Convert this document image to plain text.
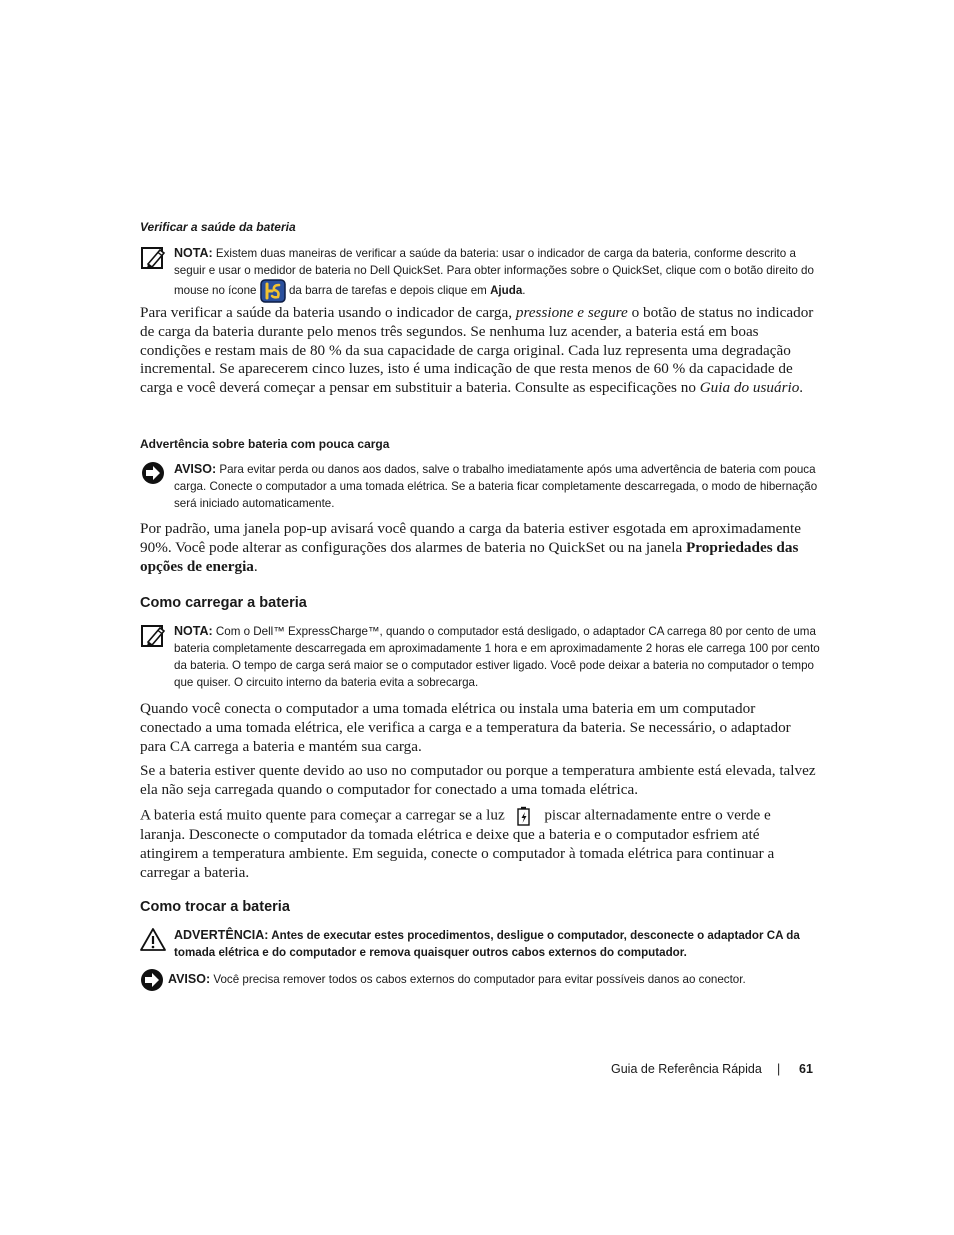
Verificar a saúde da bateria
NOTA: Existem duas maneiras de verificar a saúde da bateria: usar o indicador de carga da bateria, conforme descrito a seguir e usar o medidor de bateria no Dell QuickSet. Para obter informações sobre o QuickSet, clique com o botão direito do mouse no ícone	da barra de tarefas e depois clique em Ajuda.

Para verificar a saúde da bateria usando o indicador de carga, pressione e segure o botão de status no indicador de carga da bateria durante pelo menos três segundos. Se nenhuma luz acender, a bateria está em boas condições e restam mais de 80 % da sua capacidade de carga original. Cada luz representa uma degradação incremental. Se aparecerem cinco luzes, isto é uma indicação de que resta menos de 60 % da capacidade de carga e você deverá começar a pensar em substituir a bateria. Consulte as especificações no Guia do usuário.

Advertência sobre bateria com pouca carga
AVISO: Para evitar perda ou danos aos dados, salve o trabalho imediatamente após uma advertência de bateria com pouca carga. Conecte o computador a uma tomada elétrica. Se a bateria ficar completamente descarregada, o modo de hibernação será iniciado automaticamente.

Por padrão, uma janela pop-up avisará você quando a carga da bateria estiver esgotada em aproximadamente 90%. Você pode alterar as configurações dos alarmes de bateria no QuickSet ou na janela Propriedades das opções de energia.

Como carregar a bateria
NOTA: Com o Dell™ ExpressCharge™, quando o computador está desligado, o adaptador CA carrega 80 por cento de uma bateria completamente descarregada em aproximadamente 1 hora e em aproximadamente 2 horas ele carrega 100 por cento da bateria. O tempo de carga será maior se o computador estiver ligado. Você pode deixar a bateria no computador o tempo que quiser. O circuito interno da bateria evita a sobrecarga.

Quando você conecta o computador a uma tomada elétrica ou instala uma bateria em um computador conectado a uma tomada elétrica, ele verifica a carga e a temperatura da bateria. Se necessário, o adaptador para CA carrega a bateria e mantém sua carga.

Se a bateria estiver quente devido ao uso no computador ou porque a temperatura ambiente está elevada, talvez ela não seja carregada quando o computador for conectado a uma tomada elétrica.

A bateria está muito quente para começar a carregar se a luz	piscar alternadamente entre o verde e laranja. Desconecte o computador da tomada elétrica e deixe que a bateria e o computador esfriem até atingirem a temperatura ambiente. Em seguida, conecte o computador à tomada elétrica para continuar a carregar a bateria.

Como trocar a bateria
ADVERTÊNCIA: Antes de executar estes procedimentos, desligue o computador, desconecte o adaptador CA da tomada elétrica e do computador e remova quaisquer outros cabos externos do computador.
AVISO: Você precisa remover todos os cabos externos do computador para evitar possíveis danos ao conector.
Guia de Referência Rápida | 61
